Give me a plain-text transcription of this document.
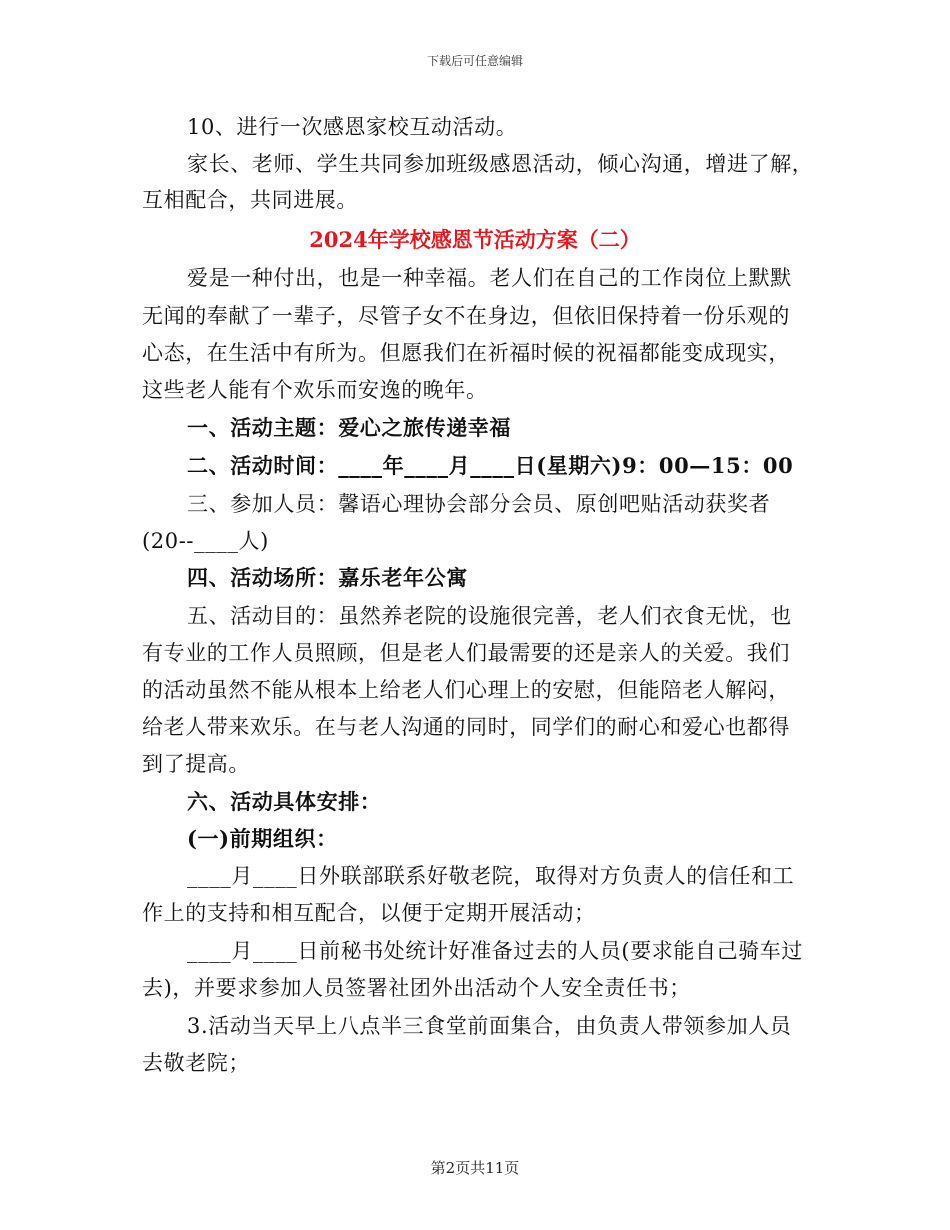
下载后可任意编辑
10、进行一次感恩家校互动活动。
家长、老师、学生共同参加班级感恩活动，倾心沟通，增进了解，
互相配合，共同进展。
2024年学校感恩节活动方案（二）
爱是一种付出，也是一种幸福。老人们在自己的工作岗位上默默
无闻的奉献了一辈子，尽管子女不在身边，但依旧保持着一份乐观的
心态，在生活中有所为。但愿我们在祈福时候的祝福都能变成现实，
这些老人能有个欢乐而安逸的晚年。
一、活动主题：爱心之旅传递幸福
二、活动时间：____年____月____日(星期六)9：00—15：00
三、参加人员：馨语心理协会部分会员、原创吧贴活动获奖者
(20--____人)
四、活动场所：嘉乐老年公寓
五、活动目的：虽然养老院的设施很完善，老人们衣食无忧，也
有专业的工作人员照顾，但是老人们最需要的还是亲人的关爱。我们
的活动虽然不能从根本上给老人们心理上的安慰，但能陪老人解闷，
给老人带来欢乐。在与老人沟通的同时，同学们的耐心和爱心也都得
到了提高。
六、活动具体安排：
(一)前期组织：
____月____日外联部联系好敬老院，取得对方负责人的信任和工
作上的支持和相互配合，以便于定期开展活动；
____月____日前秘书处统计好准备过去的人员(要求能自己骑车过
去)，并要求参加人员签署社团外出活动个人安全责任书；
3.活动当天早上八点半三食堂前面集合，由负责人带领参加人员
去敬老院；
第2页共11页
